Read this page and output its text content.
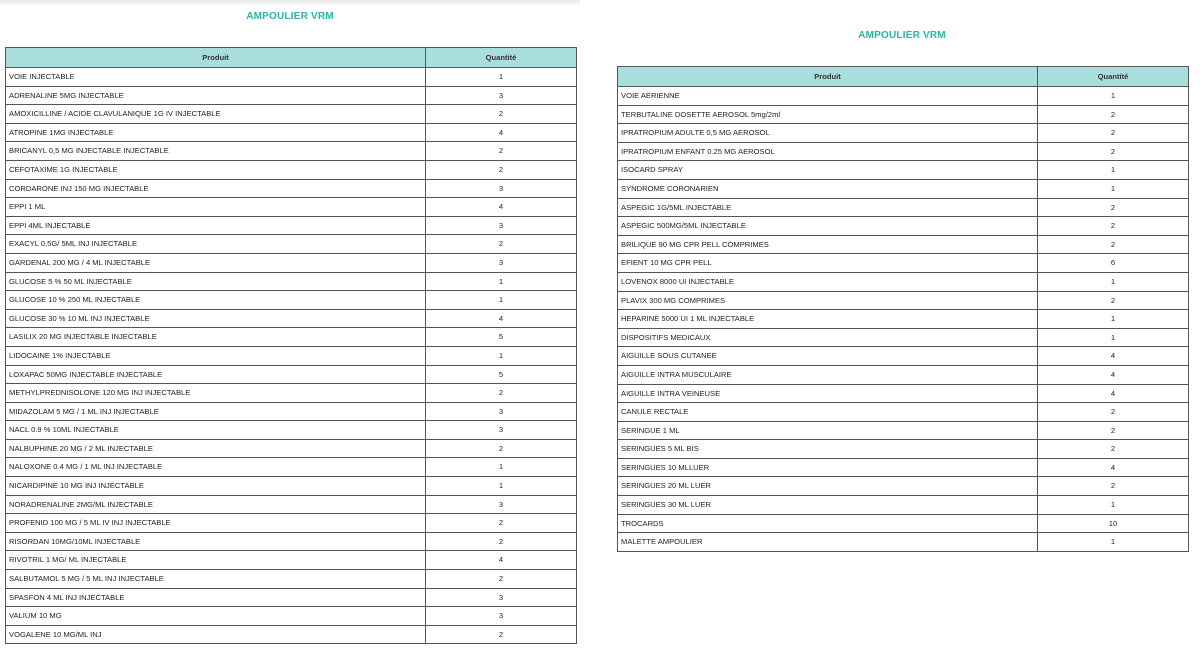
AMPOULIER VRM
Produit	Quantité
VOIE INJECTABLE	1
ADRENALINE 5MG INJECTABLE	3
AMOXICILLINE / ACIDE CLAVULANIQUE 1G IV INJECTABLE	2
ATROPINE 1MG INJECTABLE	4
BRICANYL 0,5 MG INJECTABLE INJECTABLE	2
CEFOTAXIME 1G INJECTABLE	2
CORDARONE INJ 150 MG INJECTABLE	3
EPPI 1 ML	4
EPPI 4ML INJECTABLE	3
EXACYL 0,5G/ 5ML INJ INJECTABLE	2
GARDENAL 200 MG / 4 ML INJECTABLE	3
GLUCOSE 5 % 50 ML INJECTABLE	1
GLUCOSE 10 % 250 ML INJECTABLE	1
GLUCOSE 30 % 10 ML INJ INJECTABLE	4
LASILIX 20 MG INJECTABLE INJECTABLE	5
LIDOCAINE 1% INJECTABLE	1
LOXAPAC 50MG INJECTABLE INJECTABLE	5
METHYLPREDNISOLONE 120 MG INJ INJECTABLE	2
MIDAZOLAM 5 MG / 1 ML INJ INJECTABLE	3
NACL 0.9 % 10ML INJECTABLE	3
NALBUPHINE 20 MG / 2 ML INJECTABLE	2
NALOXONE 0.4 MG / 1 ML INJ INJECTABLE	1
NICARDIPINE 10 MG INJ INJECTABLE	1
NORADRENALINE 2MG/ML INJECTABLE	3
PROFENID 100 MG / 5 ML IV INJ INJECTABLE	2
RISORDAN 10MG/10ML INJECTABLE	2
RIVOTRIL 1 MG/ ML INJECTABLE	4
SALBUTAMOL 5 MG / 5 ML INJ INJECTABLE	2
SPASFON 4 ML INJ INJECTABLE	3
VALIUM 10 MG	3
VOGALENE 10 MG/ML INJ	2
AMPOULIER VRM
Produit	Quantité
VOIE AERIENNE	1
TERBUTALINE DOSETTE AEROSOL 5mg/2ml	2
IPRATROPIUM ADULTE 0,5 MG AEROSOL	2
IPRATROPIUM ENFANT 0.25 MG AEROSOL	2
ISOCARD SPRAY	1
SYNDROME CORONARIEN	1
ASPEGIC 1G/5ML INJECTABLE	2
ASPEGIC 500MG/5ML INJECTABLE	2
BRILIQUE 90 MG CPR PELL COMPRIMES	2
EFIENT 10 MG CPR PELL	6
LOVENOX 8000 UI INJECTABLE	1
PLAVIX 300 MG COMPRIMES	2
HEPARINE 5000 UI 1 ML INJECTABLE	1
DISPOSITIFS MEDICAUX	1
AIGUILLE SOUS CUTANEE	4
AIGUILLE INTRA MUSCULAIRE	4
AIGUILLE INTRA VEINEUSE	4
CANULE RECTALE	2
SERINGUE 1 ML	2
SERINGUES 5 ML BIS	2
SERINGUES 10 MLLUER	4
SERINGUES 20 ML LUER	2
SERINGUES 30 ML LUER	1
TROCARDS	10
MALETTE AMPOULIER	1
